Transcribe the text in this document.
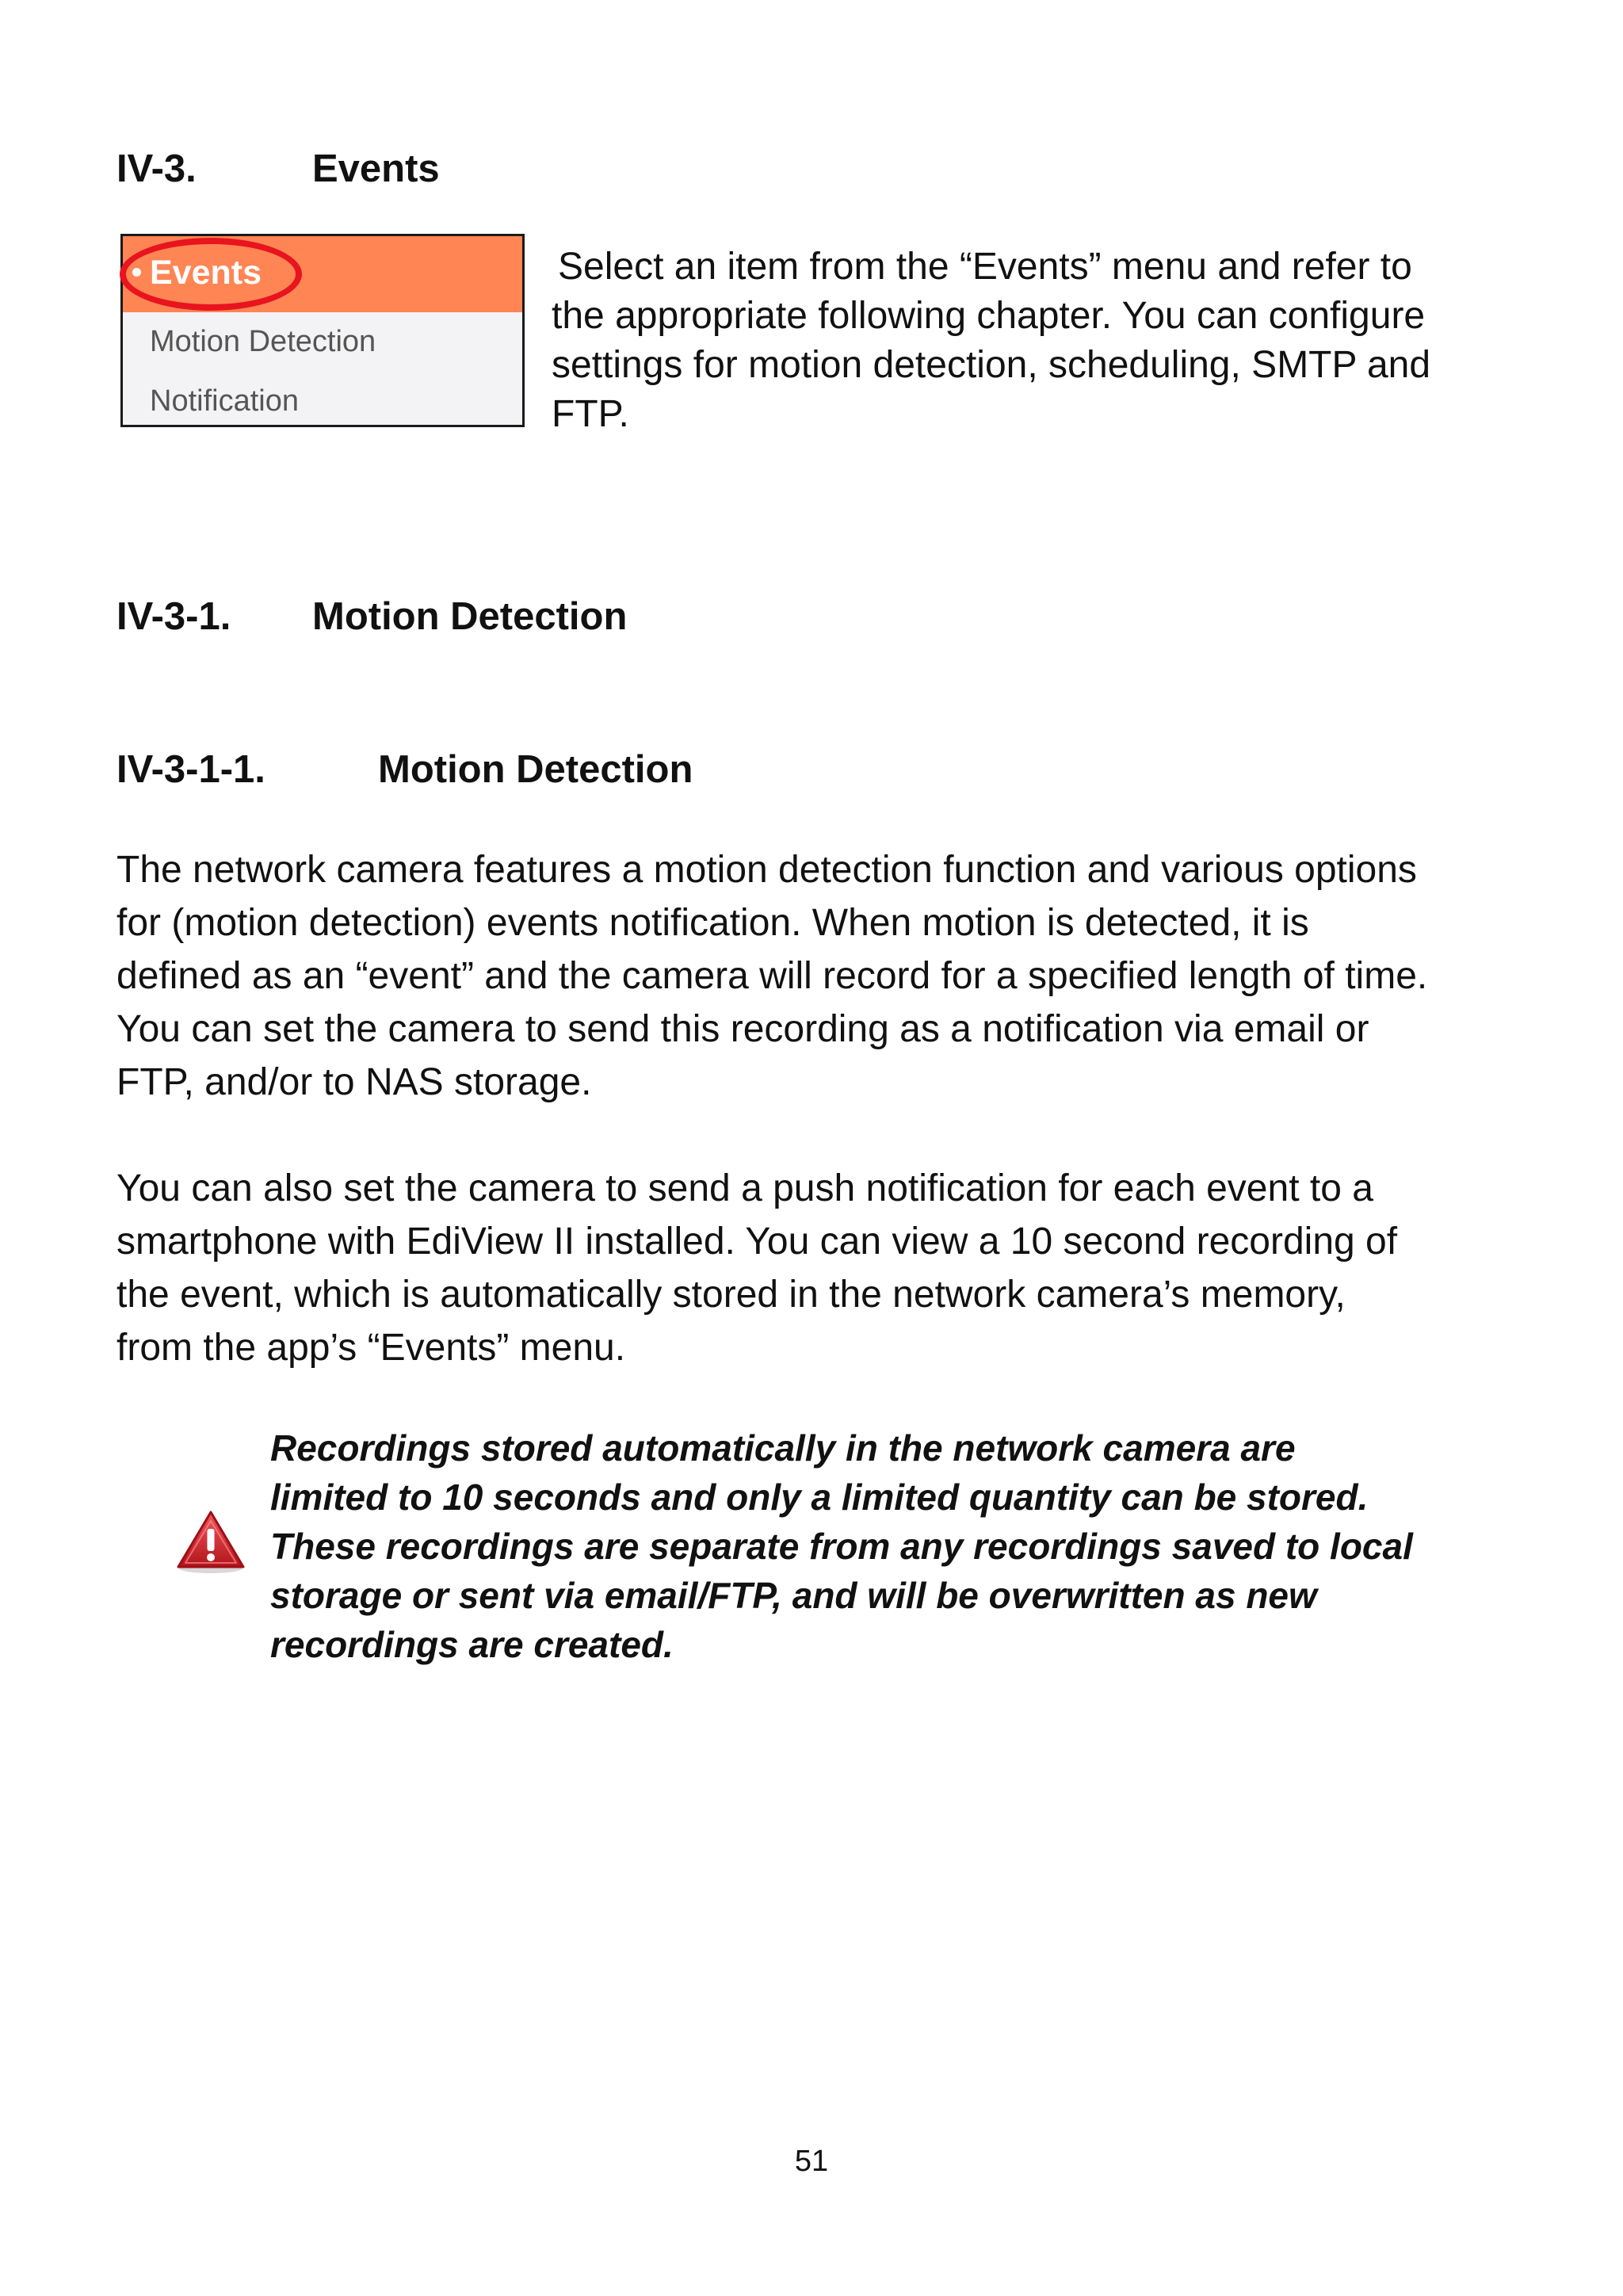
IV-3.	Events
Events
Motion Detection
Notification
Select an item from the “Events” menu and refer to
the appropriate following chapter. You can configure
settings for motion detection, scheduling, SMTP and
FTP.
IV-3-1. Motion Detection
IV-3-1-1.	Motion Detection
The network camera features a motion detection function and various options
for (motion detection) events notification. When motion is detected, it is
defined as an “event” and the camera will record for a specified length of time.
You can set the camera to send this recording as a notification via email or
FTP, and/or to NAS storage.
You can also set the camera to send a push notification for each event to a
smartphone with EdiView II installed. You can view a 10 second recording of
the event, which is automatically stored in the network camera’s memory,
from the app’s “Events” menu.
Recordings stored automatically in the network camera are
limited to 10 seconds and only a limited quantity can be stored.
These recordings are separate from any recordings saved to local
storage or sent via email/FTP, and will be overwritten as new
recordings are created.
51
